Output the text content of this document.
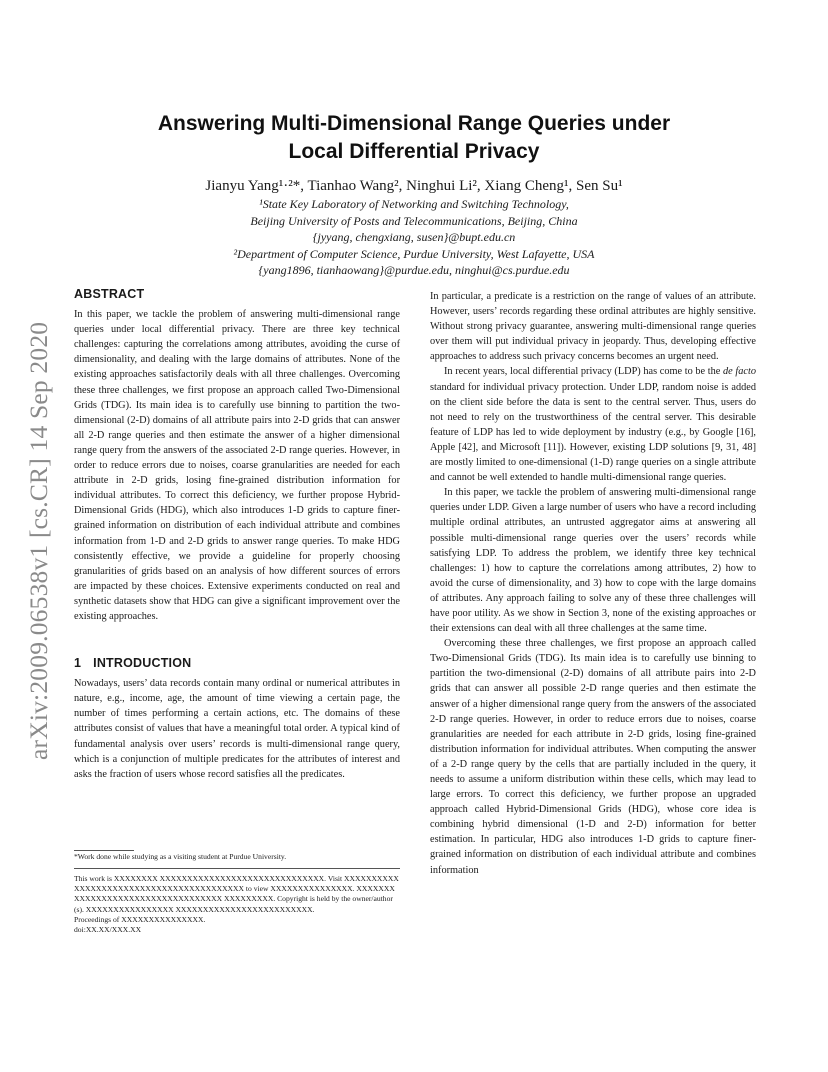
arXiv:2009.06538v1 [cs.CR] 14 Sep 2020
Answering Multi-Dimensional Range Queries under
Local Differential Privacy
Jianyu Yang¹·²*, Tianhao Wang², Ninghui Li², Xiang Cheng¹, Sen Su¹
¹State Key Laboratory of Networking and Switching Technology,
Beijing University of Posts and Telecommunications, Beijing, China
{jyyang, chengxiang, susen}@bupt.edu.cn
²Department of Computer Science, Purdue University, West Lafayette, USA
{yang1896, tianhaowang}@purdue.edu, ninghui@cs.purdue.edu
ABSTRACT

In this paper, we tackle the problem of answering multi-dimensional range queries under local differential privacy. There are three key technical challenges: capturing the correlations among attributes, avoiding the curse of dimensionality, and dealing with the large domains of attributes. None of the existing approaches satisfactorily deals with all three challenges. Overcoming these three challenges, we first propose an approach called Two-Dimensional Grids (TDG). Its main idea is to carefully use binning to partition the two-dimensional (2-D) domains of all attribute pairs into 2-D grids that can answer all 2-D range queries and then estimate the answer of a higher dimensional range query from the answers of the associated 2-D range queries. However, in order to reduce errors due to noises, coarse granularities are needed for each attribute in 2-D grids, losing fine-grained distribution information for individual attributes. To correct this deficiency, we further propose Hybrid-Dimensional Grids (HDG), which also introduces 1-D grids to capture finer-grained information on distribution of each individual attribute and combines information from 1-D and 2-D grids to answer range queries. To make HDG consistently effective, we provide a guideline for properly choosing granularities of grids based on an analysis of how different sources of errors are impacted by these choices. Extensive experiments conducted on real and synthetic datasets show that HDG can give a significant improvement over the existing approaches.

1 INTRODUCTION

Nowadays, users’ data records contain many ordinal or numerical attributes in nature, e.g., income, age, the amount of time viewing a certain page, the number of times performing a certain actions, etc. The domains of these attributes consist of values that have a meaningful total order. A typical kind of fundamental analysis over users’ records is multi-dimensional range query, which is a conjunction of multiple predicates for the attributes of interest and asks the fraction of users whose record satisfies all the predicates.

*Work done while studying as a visiting student at Purdue University.
This work is XXXXXXXX XXXXXXXXXXXXXXXXXXXXXXXXXXXXXX. Visit XXXXXXXXXXXXXXXXXXXXXXXXXXXXXXXXXXXXXXXXX to view XXXXXXXXXXXXXXX. XXXXXXXXXXXXXXXXXXXXXXXXXXXXXXXXXX XXXXXXXXX. Copyright is held by the owner/author(s). XXXXXXXXXXXXXXXX XXXXXXXXXXXXXXXXXXXXXXXXX.
Proceedings of XXXXXXXXXXXXXXX.
doi:XX.XX/XXX.XX

In particular, a predicate is a restriction on the range of values of an attribute. However, users’ records regarding these ordinal attributes are highly sensitive. Without strong privacy guarantee, answering multi-dimensional range queries over them will put individual privacy in jeopardy. Thus, developing effective approaches to address such privacy concerns becomes an urgent need.

In recent years, local differential privacy (LDP) has come to be the de facto standard for individual privacy protection. Under LDP, random noise is added on the client side before the data is sent to the central server. Thus, users do not need to rely on the trustworthiness of the central server. This desirable feature of LDP has led to wide deployment by industry (e.g., by Google [16], Apple [42], and Microsoft [11]). However, existing LDP solutions [9, 31, 48] are mostly limited to one-dimensional (1-D) range queries on a single attribute and cannot be well extended to handle multi-dimensional range queries.

In this paper, we tackle the problem of answering multi-dimensional range queries under LDP. Given a large number of users who have a record including multiple ordinal attributes, an untrusted aggregator aims at answering all possible multi-dimensional range queries over the users’ records while satisfying LDP. To address the problem, we identify three key technical challenges: 1) how to capture the correlations among attributes, 2) how to avoid the curse of dimensionality, and 3) how to cope with the large domains of attributes. Any approach failing to solve any of these three challenges will have poor utility. As we show in Section 3, none of the existing approaches or their extensions can deal with all three challenges at the same time.

Overcoming these three challenges, we first propose an approach called Two-Dimensional Grids (TDG). Its main idea is to carefully use binning to partition the two-dimensional (2-D) domains of all attribute pairs into 2-D grids that can answer all possible 2-D range queries and then estimate the answer of a higher dimensional range query from the answers of the associated 2-D range queries. However, in order to reduce errors due to noises, coarse granularities are needed for each attribute in 2-D grids, losing fine-grained distribution information for individual attributes. When computing the answer of a 2-D range query by the cells that are partially included in the query, it needs to assume a uniform distribution within these cells, which may lead to large errors. To correct this deficiency, we further propose an upgraded approach called Hybrid-Dimensional Grids (HDG), whose core idea is combining hybrid dimensional (1-D and 2-D) information for better estimation. In particular, HDG also introduces 1-D grids to capture finer-grained information on distribution of each individual attribute and combines information
